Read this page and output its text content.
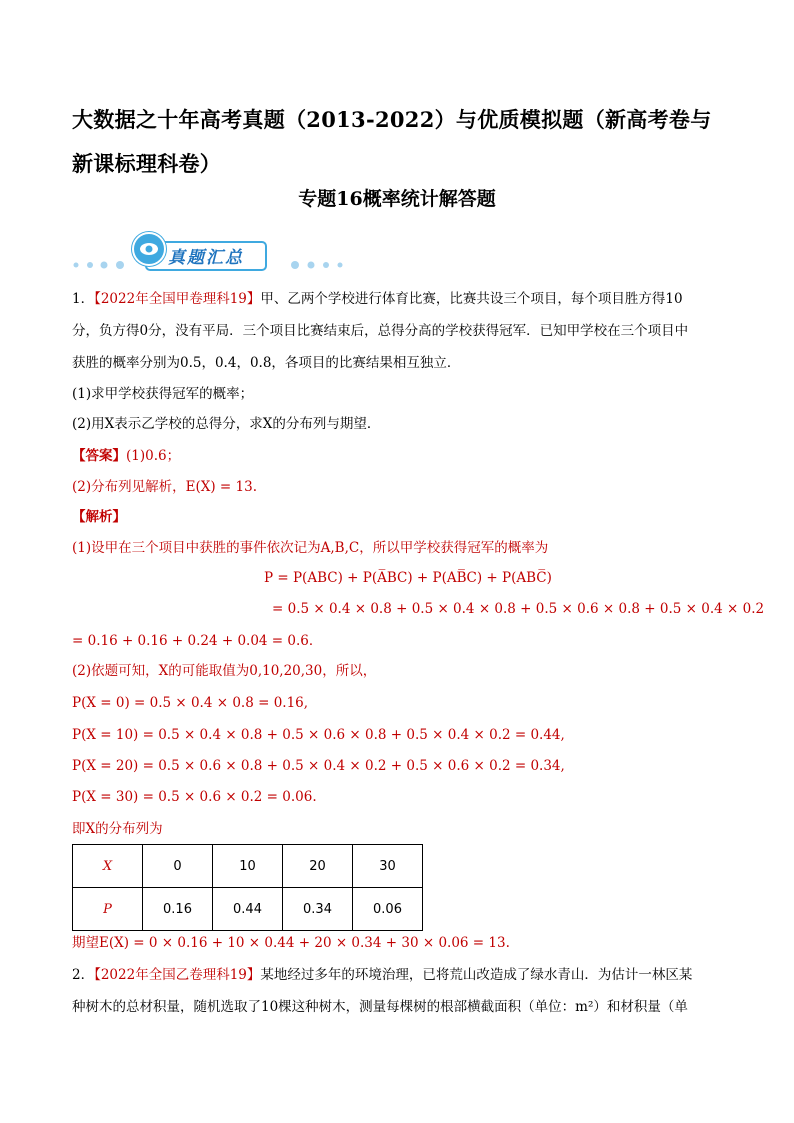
大数据之十年高考真题（2013-2022）与优质模拟题（新高考卷与新课标理科卷）
专题16概率统计解答题
真题汇总
1．【2022年全国甲卷理科19】甲、乙两个学校进行体育比赛，比赛共设三个项目，每个项目胜方得10
分，负方得0分，没有平局．三个项目比赛结束后，总得分高的学校获得冠军．已知甲学校在三个项目中
获胜的概率分别为0.5，0.4，0.8，各项目的比赛结果相互独立．
(1)求甲学校获得冠军的概率；
(2)用X表示乙学校的总得分，求X的分布列与期望．
【答案】(1)0.6；
(2)分布列见解析，E(X) = 13.
【解析】
(1)设甲在三个项目中获胜的事件依次记为A,B,C，所以甲学校获得冠军的概率为
P = P(ABC) + P(A̅BC) + P(AB̅C) + P(ABC̅)
= 0.5 × 0.4 × 0.8 + 0.5 × 0.4 × 0.8 + 0.5 × 0.6 × 0.8 + 0.5 × 0.4 × 0.2
= 0.16 + 0.16 + 0.24 + 0.04 = 0.6．
(2)依题可知，X的可能取值为0,10,20,30，所以，
P(X = 0) = 0.5 × 0.4 × 0.8 = 0.16,
P(X = 10) = 0.5 × 0.4 × 0.8 + 0.5 × 0.6 × 0.8 + 0.5 × 0.4 × 0.2 = 0.44,
P(X = 20) = 0.5 × 0.6 × 0.8 + 0.5 × 0.4 × 0.2 + 0.5 × 0.6 × 0.2 = 0.34,
P(X = 30) = 0.5 × 0.6 × 0.2 = 0.06.
即X的分布列为
X	0	10	20	30
P	0.16	0.44	0.34	0.06
期望E(X) = 0 × 0.16 + 10 × 0.44 + 20 × 0.34 + 30 × 0.06 = 13.
2．【2022年全国乙卷理科19】某地经过多年的环境治理，已将荒山改造成了绿水青山．为估计一林区某
种树木的总材积量，随机选取了10棵这种树木，测量每棵树的根部横截面积（单位：m²）和材积量（单
